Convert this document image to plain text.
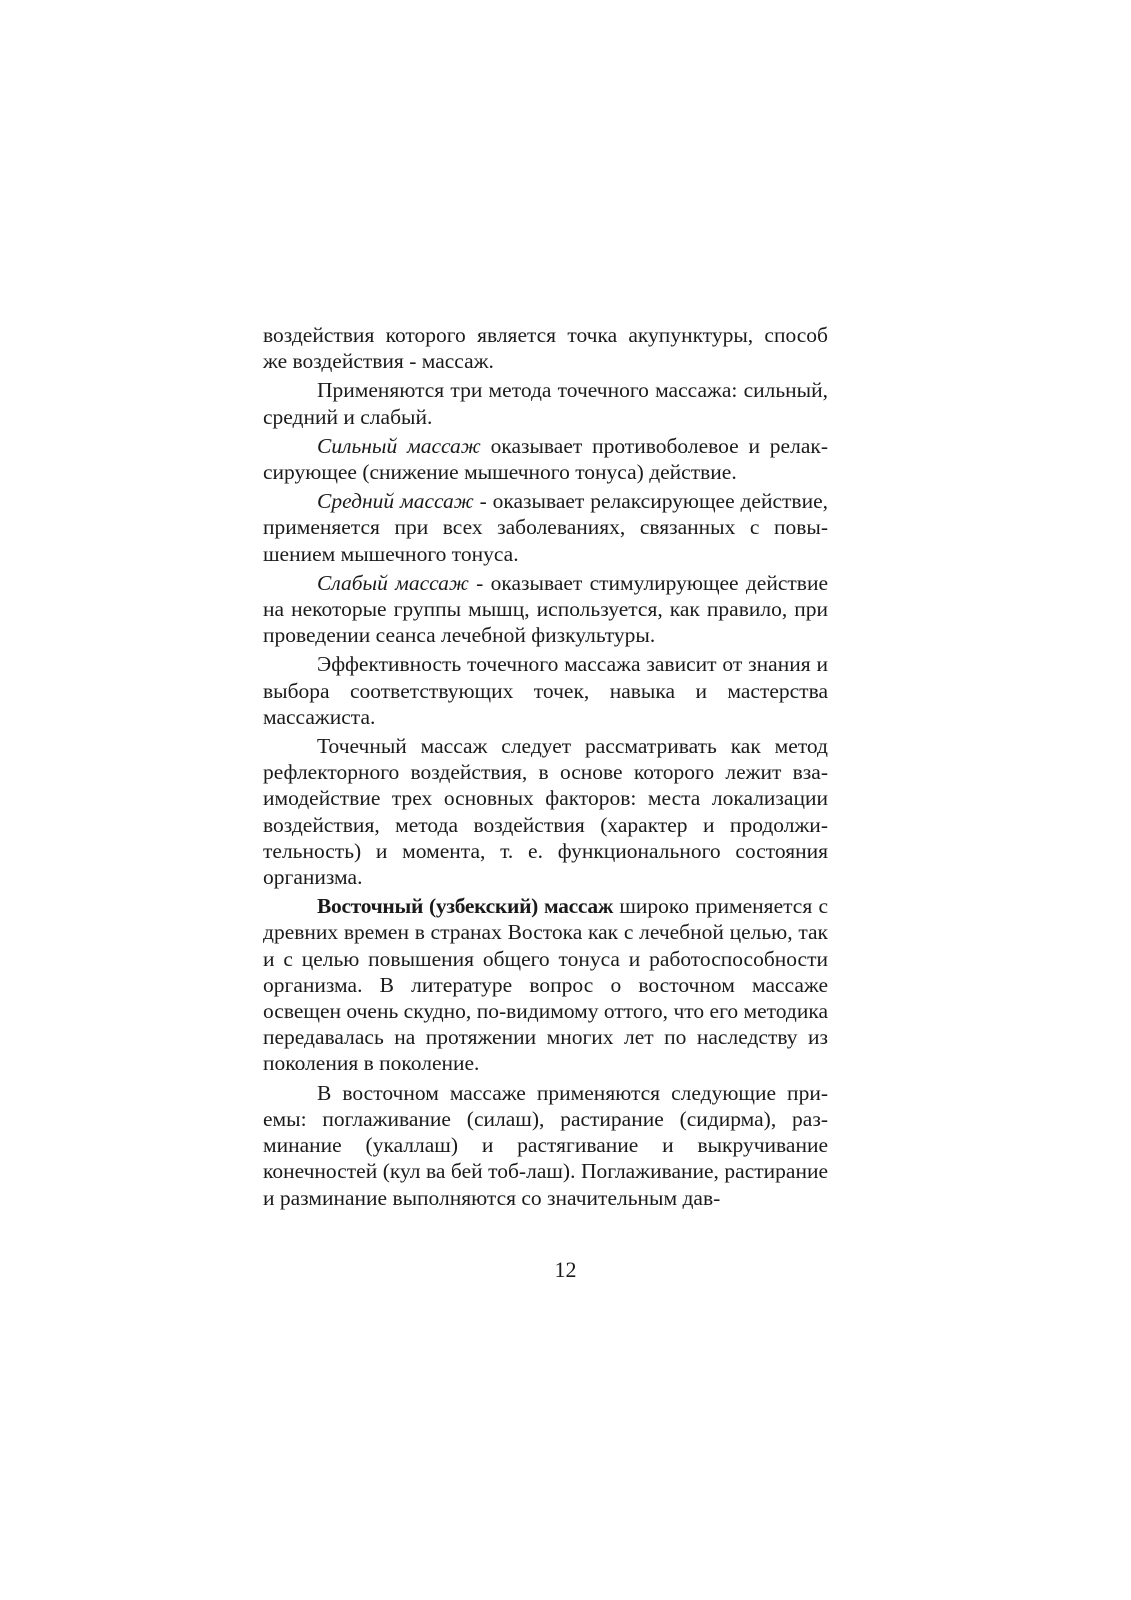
воздействия которого является точка акупунктуры, способ же воздействия - массаж.

Применяются три метода точечного массажа: сильный, средний и слабый.

Сильный массаж оказывает противоболевое и релаксирующее (снижение мышечного тонуса) действие.

Средний массаж - оказывает релаксирующее действие, применяется при всех заболеваниях, связанных с повышением мышечного тонуса.

Слабый массаж - оказывает стимулирующее действие на некоторые группы мышц, используется, как правило, при проведении сеанса лечебной физкультуры.

Эффективность точечного массажа зависит от знания и выбора соответствующих точек, навыка и мастерства массажиста.

Точечный массаж следует рассматривать как метод рефлекторного воздействия, в основе которого лежит взаимодействие трех основных факторов: места локализации воздействия, метода воздействия (характер и продолжительность) и момента, т. е. функционального состояния организма.

Восточный (узбекский) массаж широко применяется с древних времен в странах Востока как с лечебной целью, так и с целью повышения общего тонуса и работоспособности организма. В литературе вопрос о восточном массаже освещен очень скудно, по-видимому оттого, что его методика передавалась на протяжении многих лет по наследству из поколения в поколение.

В восточном массаже применяются следующие приемы: поглаживание (силаш), растирание (сидирма), разминание (укаллаш) и растягивание и выкручивание конечностей (кул ва бей тоб-лаш). Поглаживание, растирание и разминание выполняются со значительным дав-

12
